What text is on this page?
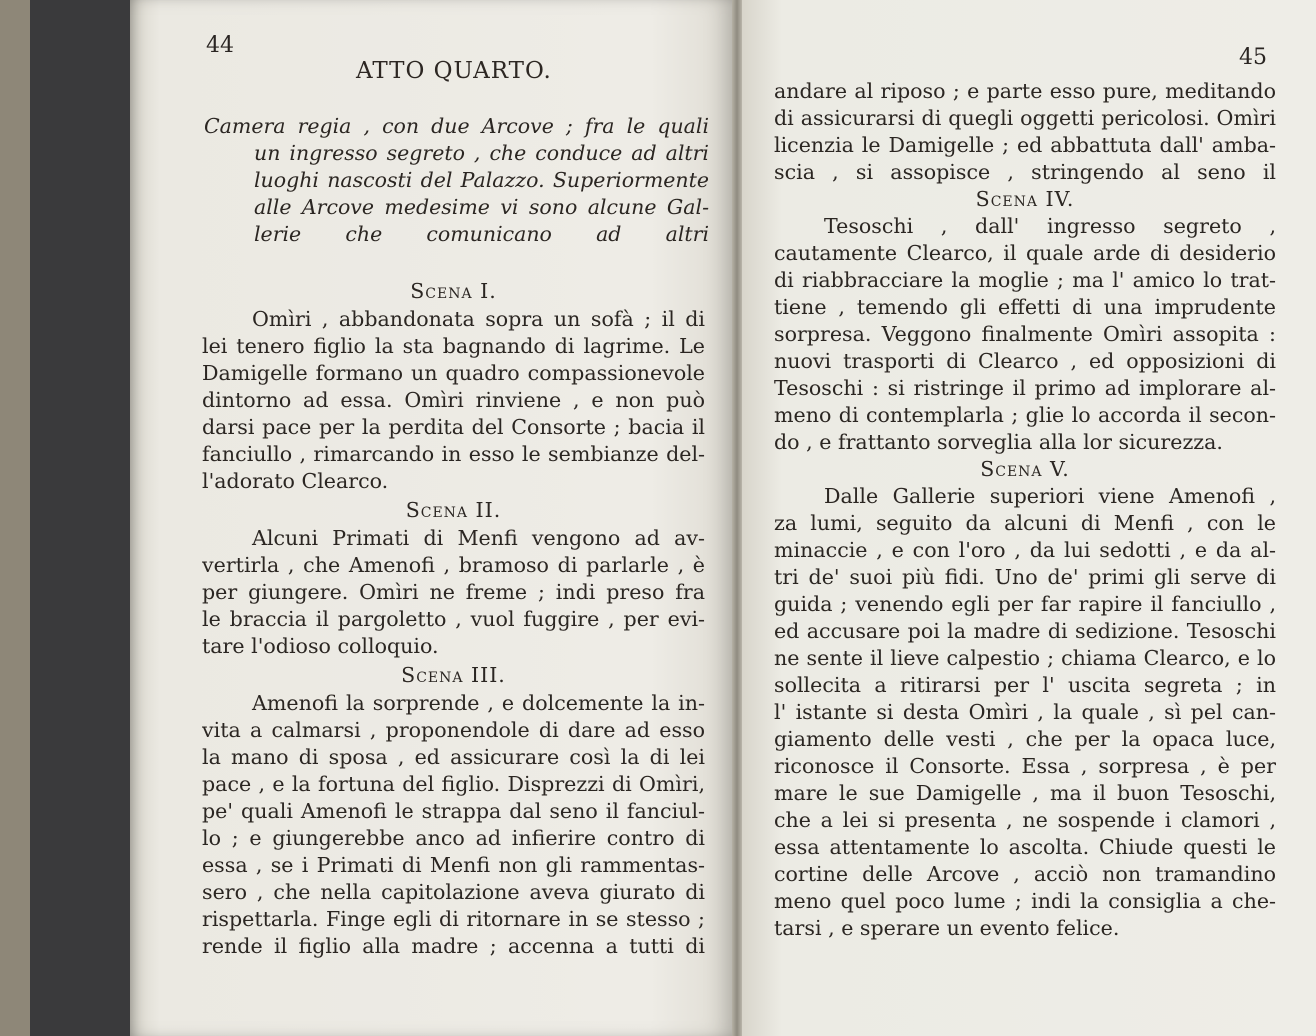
44
ATTO QUARTO.
Camera regia , con due Arcove ; fra le quali
un ingresso segreto , che conduce ad altri
luoghi nascosti del Palazzo. Superiormente
alle Arcove medesime vi sono alcune Gal-
lerie che comunicano ad altri
Scena I.
Omìri , abbandonata sopra un sofà ; il di
lei tenero figlio la sta bagnando di lagrime. Le
Damigelle formano un quadro compassionevole
dintorno ad essa. Omìri rinviene , e non può
darsi pace per la perdita del Consorte ; bacia il
fanciullo , rimarcando in esso le sembianze del-
l'adorato Clearco.
Scena II.
Alcuni Primati di Menfi vengono ad av-
vertirla , che Amenofi , bramoso di parlarle , è
per giungere. Omìri ne freme ; indi preso fra
le braccia il pargoletto , vuol fuggire , per evi-
tare l'odioso colloquio.
Scena III.
Amenofi la sorprende , e dolcemente la in-
vita a calmarsi , proponendole di dare ad esso
la mano di sposa , ed assicurare così la di lei
pace , e la fortuna del figlio. Disprezzi di Omìri,
pe' quali Amenofi le strappa dal seno il fanciul-
lo ; e giungerebbe anco ad infierire contro di
essa , se i Primati di Menfi non gli rammentas-
sero , che nella capitolazione aveva giurato di
rispettarla. Finge egli di ritornare in se stesso ;
rende il figlio alla madre ; accenna a tutti di
45
andare al riposo ; e parte esso pure, meditando
di assicurarsi di quegli oggetti pericolosi. Omìri
licenzia le Damigelle ; ed abbattuta dall' amba-
scia , si assopisce , stringendo al seno il
Scena IV.
Tesoschi , dall' ingresso segreto ,
cautamente Clearco, il quale arde di desiderio
di riabbracciare la moglie ; ma l' amico lo trat-
tiene , temendo gli effetti di una imprudente
sorpresa. Veggono finalmente Omìri assopita :
nuovi trasporti di Clearco , ed opposizioni di
Tesoschi : si ristringe il primo ad implorare al-
meno di contemplarla ; glie lo accorda il secon-
do , e frattanto sorveglia alla lor sicurezza.
Scena V.
Dalle Gallerie superiori viene Amenofi ,
za lumi, seguito da alcuni di Menfi , con le
minaccie , e con l'oro , da lui sedotti , e da al-
tri de' suoi più fidi. Uno de' primi gli serve di
guida ; venendo egli per far rapire il fanciullo ,
ed accusare poi la madre di sedizione. Tesoschi
ne sente il lieve calpestio ; chiama Clearco, e lo
sollecita a ritirarsi per l' uscita segreta ; in
l' istante si desta Omìri , la quale , sì pel can-
giamento delle vesti , che per la opaca luce,
riconosce il Consorte. Essa , sorpresa , è per
mare le sue Damigelle , ma il buon Tesoschi,
che a lei si presenta , ne sospende i clamori ,
essa attentamente lo ascolta. Chiude questi le
cortine delle Arcove , acciò non tramandino
meno quel poco lume ; indi la consiglia a che-
tarsi , e sperare un evento felice.
